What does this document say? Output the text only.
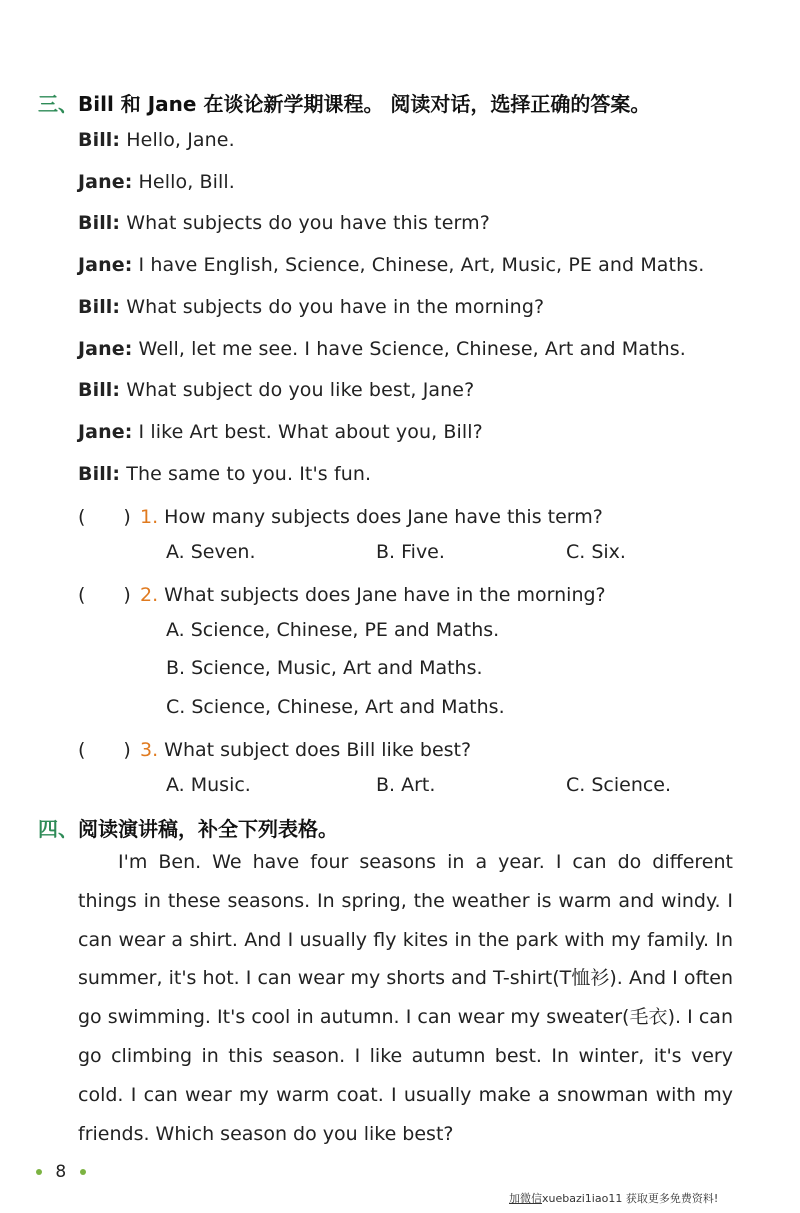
三、Bill 和 Jane 在谈论新学期课程。 阅读对话，选择正确的答案。
Bill: Hello, Jane.
Jane: Hello, Bill.
Bill: What subjects do you have this term?
Jane: I have English, Science, Chinese, Art, Music, PE and Maths.
Bill: What subjects do you have in the morning?
Jane: Well, let me see. I have Science, Chinese, Art and Maths.
Bill: What subject do you like best, Jane?
Jane: I like Art best. What about you, Bill?
Bill: The same to you. It's fun.
(　　) 1. How many subjects does Jane have this term?
A. Seven.	B. Five.	C. Six.
(　　) 2. What subjects does Jane have in the morning?
A. Science, Chinese, PE and Maths.
B. Science, Music, Art and Maths.
C. Science, Chinese, Art and Maths.
(　　) 3. What subject does Bill like best?
A. Music.	B. Art.	C. Science.
四、阅读演讲稿，补全下列表格。
I'm Ben. We have four seasons in a year. I can do different things in these seasons. In spring, the weather is warm and windy. I can wear a shirt. And I usually fly kites in the park with my family. In summer, it's hot. I can wear my shorts and T-shirt(T恤衫). And I often go swimming. It's cool in autumn. I can wear my sweater(毛衣). I can go climbing in this season. I like autumn best. In winter, it's very cold. I can wear my warm coat. I usually make a snowman with my friends. Which season do you like best?
8
加微信xuebazi1iao11 获取更多免费资料!
